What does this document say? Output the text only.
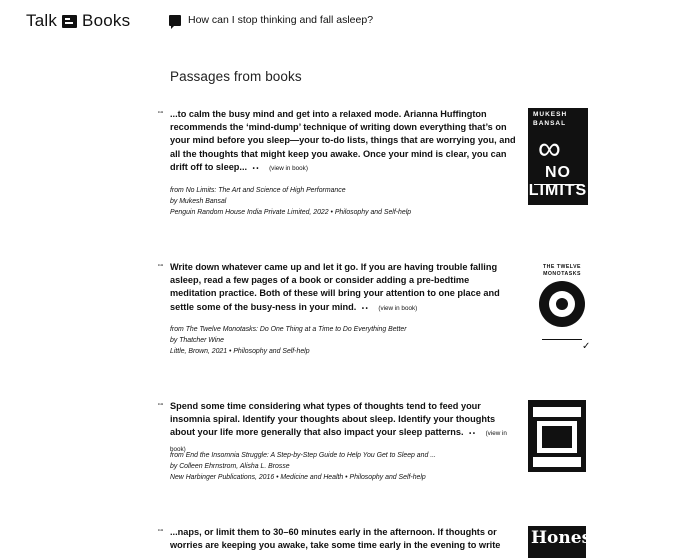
Talk Books	How can I stop thinking and fall asleep?
Passages from books
““ ...to calm the busy mind and get into a relaxed mode. Arianna Huffington recommends the ‘mind-dump’ technique of writing down everything that’s on your mind before you sleep—your to-do lists, things that are worrying you, and all the thoughts that might keep you awake. Once your mind is clear, you can drift off to sleep... • • (view in book)
from No Limits: The Art and Science of High Performance
by Mukesh Bansal
Penguin Random House India Private Limited, 2022 • Philosophy and Self-help
MUKESH
BANSAL
∞
NO LIMITS
““ Write down whatever came up and let it go. If you are having trouble falling asleep, read a few pages of a book or consider adding a pre-bedtime meditation practice. Both of these will bring your attention to one place and settle some of the busy-ness in your mind. • • (view in book)
from The Twelve Monotasks: Do One Thing at a Time to Do Everything Better
by Thatcher Wine
Little, Brown, 2021 • Philosophy and Self-help
THE TWELVE MONOTASKS
✓
““ Spend some time considering what types of thoughts tend to feed your insomnia spiral. Identify your thoughts about sleep. Identify your thoughts about your life more generally that also impact your sleep patterns. • • (view in book)
from End the Insomnia Struggle: A Step-by-Step Guide to Help You Get to Sleep and ...
by Colleen Ehrnstrom, Alisha L. Brosse
New Harbinger Publications, 2016 • Medicine and Health • Philosophy and Self-help
““ ...naps, or limit them to 30–60 minutes early in the afternoon. If thoughts or worries are keeping you awake, take some time early in the evening to write	Honest
